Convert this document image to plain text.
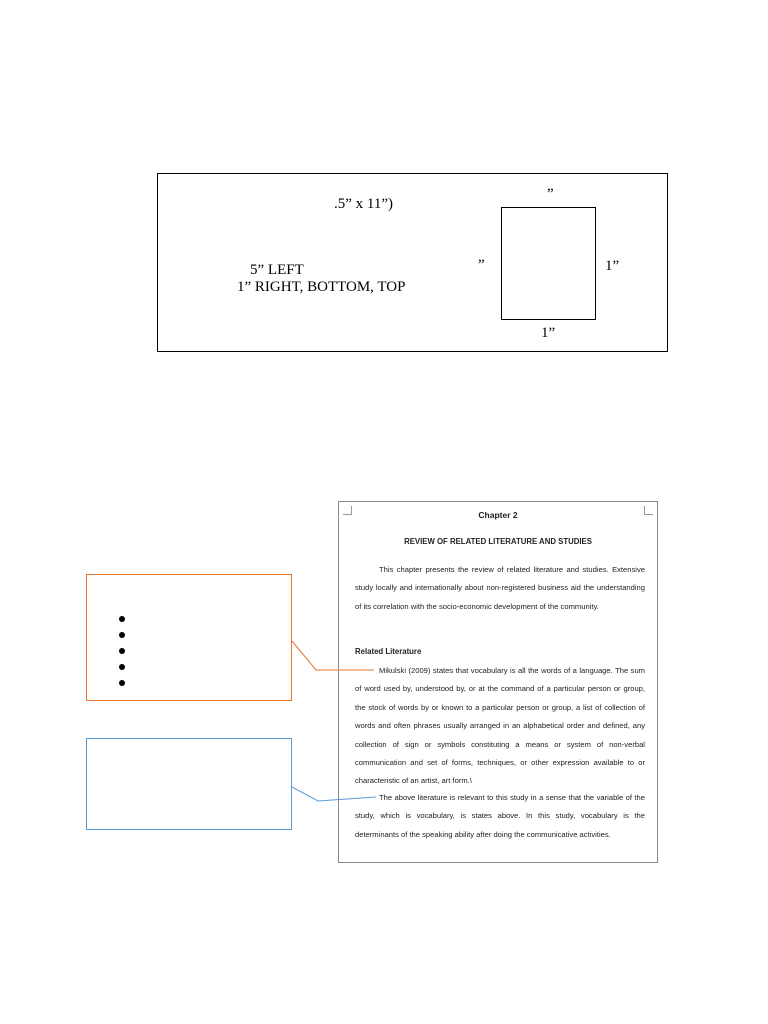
.5” x 11”)
5” LEFT
1” RIGHT, BOTTOM, TOP
”
”	1”
1”
Chapter 2
REVIEW OF RELATED LITERATURE AND STUDIES

This chapter presents the review of related literature and studies. Extensive study locally and internationally about non-registered business aid the understanding of its correlation with the socio-economic development of the community.

Related Literature

Mikulski (2009) states that vocabulary is all the words of a language. The sum of word used by, understood by, or at the command of a particular person or group, the stock of words by or known to a particular person or group, a list of collection of words and often phrases usually arranged in an alphabetical order and defined, any collection of sign or symbols constituting a means or system of non-verbal communication and set of forms, techniques, or other expression available to or characteristic of an artist, art form.\

The above literature is relevant to this study in a sense that the variable of the study, which is vocabulary, is states above. In this study, vocabulary is the determinants of the speaking ability after doing the communicative activities.
